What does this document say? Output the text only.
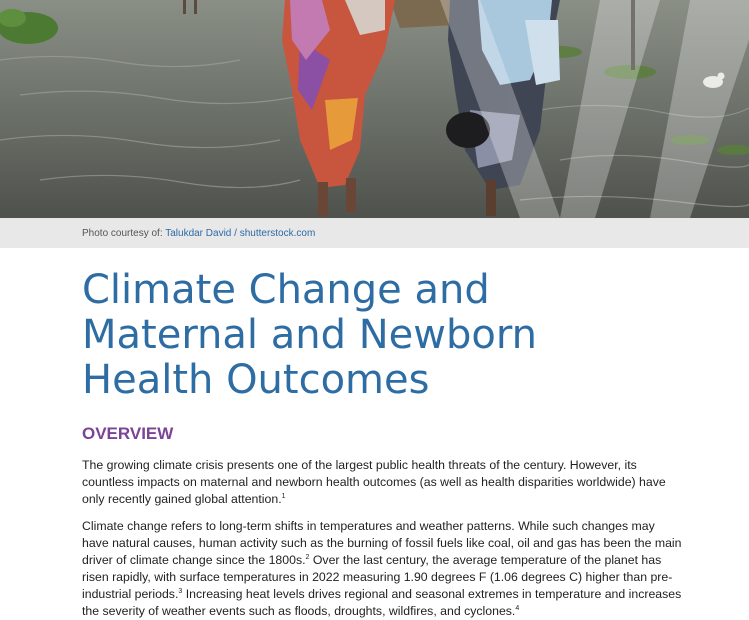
Photo courtesy of: Talukdar David / shutterstock.com
Climate Change and
Maternal and Newborn
Health Outcomes
OVERVIEW

The growing climate crisis presents one of the largest public health threats of the century. However, its countless impacts on maternal and newborn health outcomes (as well as health disparities worldwide) have only recently gained global attention.$^1$

Climate change refers to long-term shifts in temperatures and weather patterns. While such changes may have natural causes, human activity such as the burning of fossil fuels like coal, oil and gas has been the main driver of climate change since the 1800s.$^2$ Over the last century, the average temperature of the planet has risen rapidly, with surface temperatures in 2022 measuring 1.90 degrees F (1.06 degrees C) higher than pre-industrial periods.$^3$ Increasing heat levels drives regional and seasonal extremes in temperature and increases the severity of weather events such as floods, droughts, wildfires, and cyclones.$^4$
